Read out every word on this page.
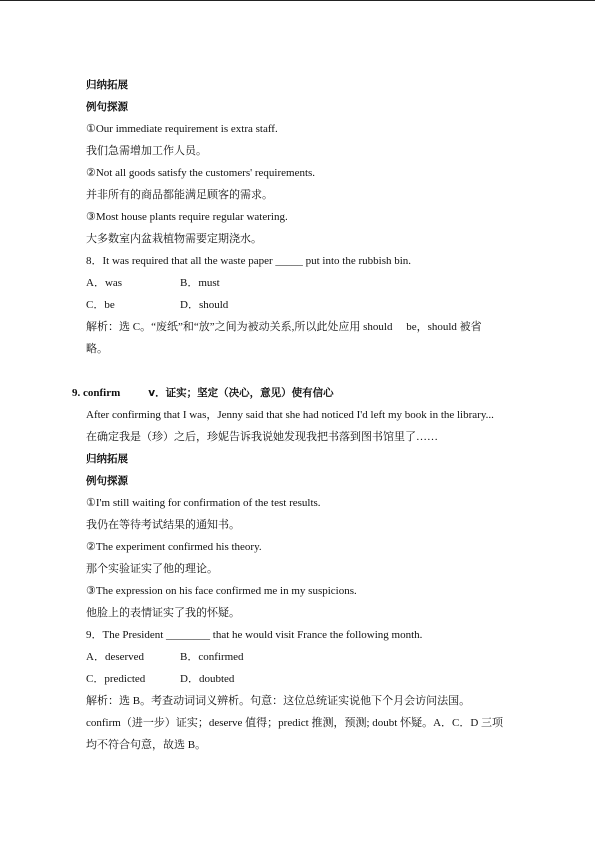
归纳拓展
例句探源
①Our immediate requirement is extra staff.
我们急需增加工作人员。
②Not all goods satisfy the customers' requirements.
并非所有的商品都能满足顾客的需求。
③Most house plants require regular watering.
大多数室内盆栽植物需要定期浇水。
8．It was required that all the waste paper _____ put into the rubbish bin.
A．was	B．must
C．be	D．should
解析：选 C。“废纸”和“放”之间为被动关系,所以此处应用 should　 be，should 被省
略。
9. confirm	v．证实；坚定（决心，意见）使有信心
After confirming that I was，Jenny said that she had noticed I'd left my book in the library...
在确定我是（珍）之后，珍妮告诉我说她发现我把书落到图书馆里了……
归纳拓展
例句探源
①I'm still waiting for confirmation of the test results.
我仍在等待考试结果的通知书。
②The experiment confirmed his theory.
那个实验证实了他的理论。
③The expression on his face confirmed me in my suspicions.
他脸上的表情证实了我的怀疑。
9．The President ________ that he would visit France the following month.
A．deserved	B．confirmed
C．predicted	D．doubted
解析：选 B。考查动词词义辨析。句意：这位总统证实说他下个月会访问法国。
confirm（进一步）证实；deserve 值得；predict 推测，预测; doubt 怀疑。A．C．D 三项
均不符合句意，故选 B。
